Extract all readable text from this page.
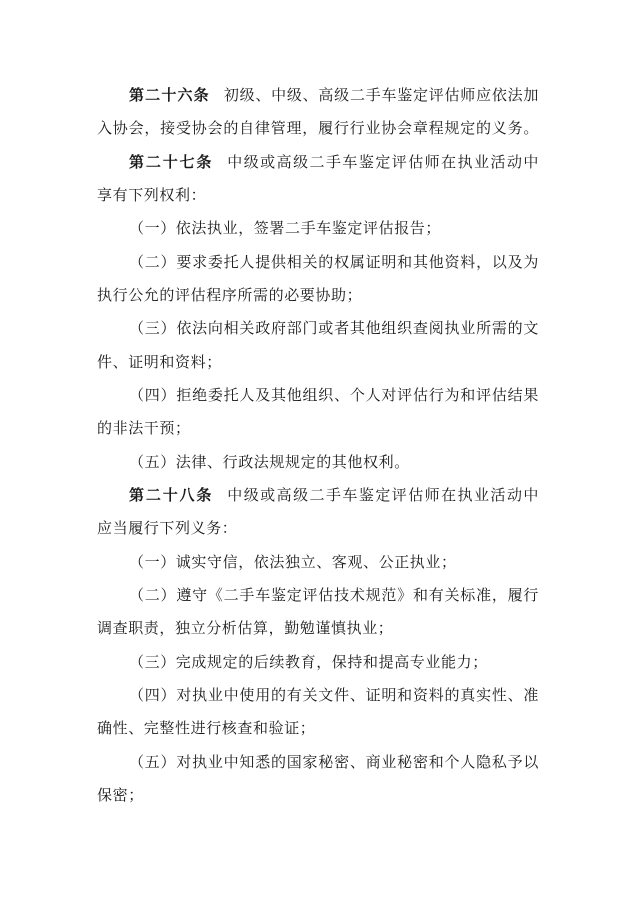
第二十六条 初级、中级、高级二手车鉴定评估师应依法加
入协会，接受协会的自律管理，履行行业协会章程规定的义务。
第二十七条 中级或高级二手车鉴定评估师在执业活动中
享有下列权利：
（一）依法执业，签署二手车鉴定评估报告；
（二）要求委托人提供相关的权属证明和其他资料，以及为
执行公允的评估程序所需的必要协助；
（三）依法向相关政府部门或者其他组织查阅执业所需的文
件、证明和资料；
（四）拒绝委托人及其他组织、个人对评估行为和评估结果
的非法干预；
（五）法律、行政法规规定的其他权利。
第二十八条 中级或高级二手车鉴定评估师在执业活动中
应当履行下列义务：
（一）诚实守信，依法独立、客观、公正执业；
（二）遵守《二手车鉴定评估技术规范》和有关标准，履行
调查职责，独立分析估算，勤勉谨慎执业；
（三）完成规定的后续教育，保持和提高专业能力；
（四）对执业中使用的有关文件、证明和资料的真实性、准
确性、完整性进行核查和验证；
（五）对执业中知悉的国家秘密、商业秘密和个人隐私予以
保密；
